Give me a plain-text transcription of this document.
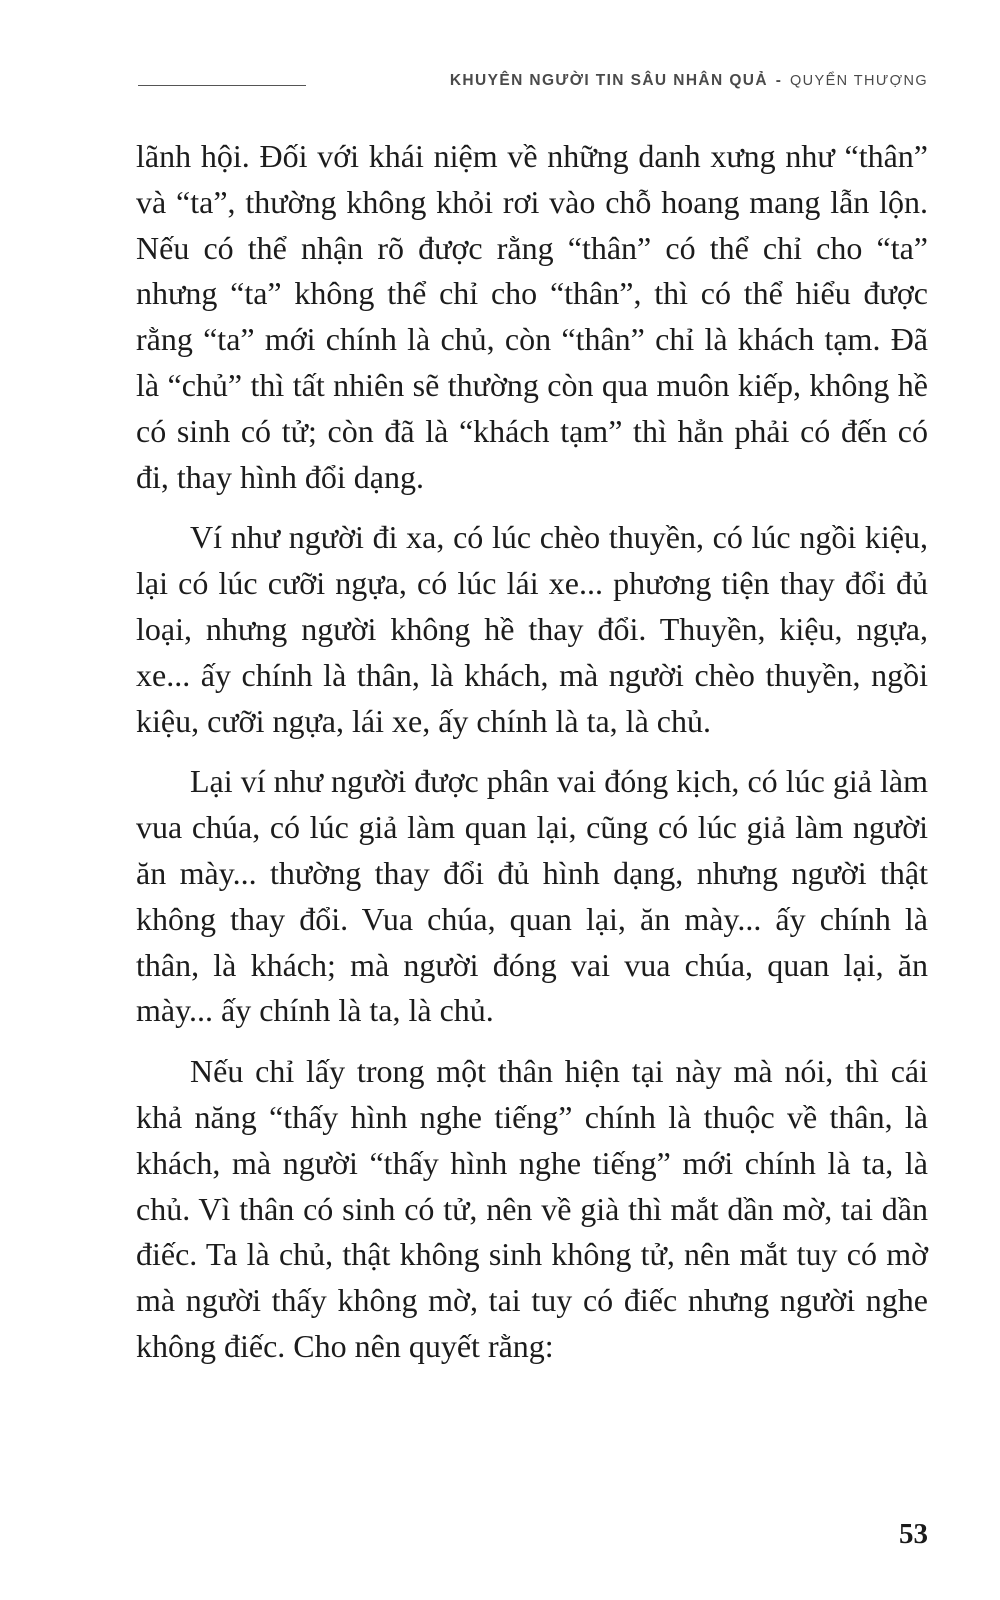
KHUYÊN NGƯỜI TIN SÂU NHÂN QUẢ - QUYỂN THƯỢNG

lãnh hội. Đối với khái niệm về những danh xưng như “thân” và “ta”, thường không khỏi rơi vào chỗ hoang mang lẫn lộn. Nếu có thể nhận rõ được rằng “thân” có thể chỉ cho “ta” nhưng “ta” không thể chỉ cho “thân”, thì có thể hiểu được rằng “ta” mới chính là chủ, còn “thân” chỉ là khách tạm. Đã là “chủ” thì tất nhiên sẽ thường còn qua muôn kiếp, không hề có sinh có tử; còn đã là “khách tạm” thì hẳn phải có đến có đi, thay hình đổi dạng.

Ví như người đi xa, có lúc chèo thuyền, có lúc ngồi kiệu, lại có lúc cưỡi ngựa, có lúc lái xe... phương tiện thay đổi đủ loại, nhưng người không hề thay đổi. Thuyền, kiệu, ngựa, xe... ấy chính là thân, là khách, mà người chèo thuyền, ngồi kiệu, cưỡi ngựa, lái xe, ấy chính là ta, là chủ.

Lại ví như người được phân vai đóng kịch, có lúc giả làm vua chúa, có lúc giả làm quan lại, cũng có lúc giả làm người ăn mày... thường thay đổi đủ hình dạng, nhưng người thật không thay đổi. Vua chúa, quan lại, ăn mày... ấy chính là thân, là khách; mà người đóng vai vua chúa, quan lại, ăn mày... ấy chính là ta, là chủ.

Nếu chỉ lấy trong một thân hiện tại này mà nói, thì cái khả năng “thấy hình nghe tiếng” chính là thuộc về thân, là khách, mà người “thấy hình nghe tiếng” mới chính là ta, là chủ. Vì thân có sinh có tử, nên về già thì mắt dần mờ, tai dần điếc. Ta là chủ, thật không sinh không tử, nên mắt tuy có mờ mà người thấy không mờ, tai tuy có điếc nhưng người nghe không điếc. Cho nên quyết rằng:

53
